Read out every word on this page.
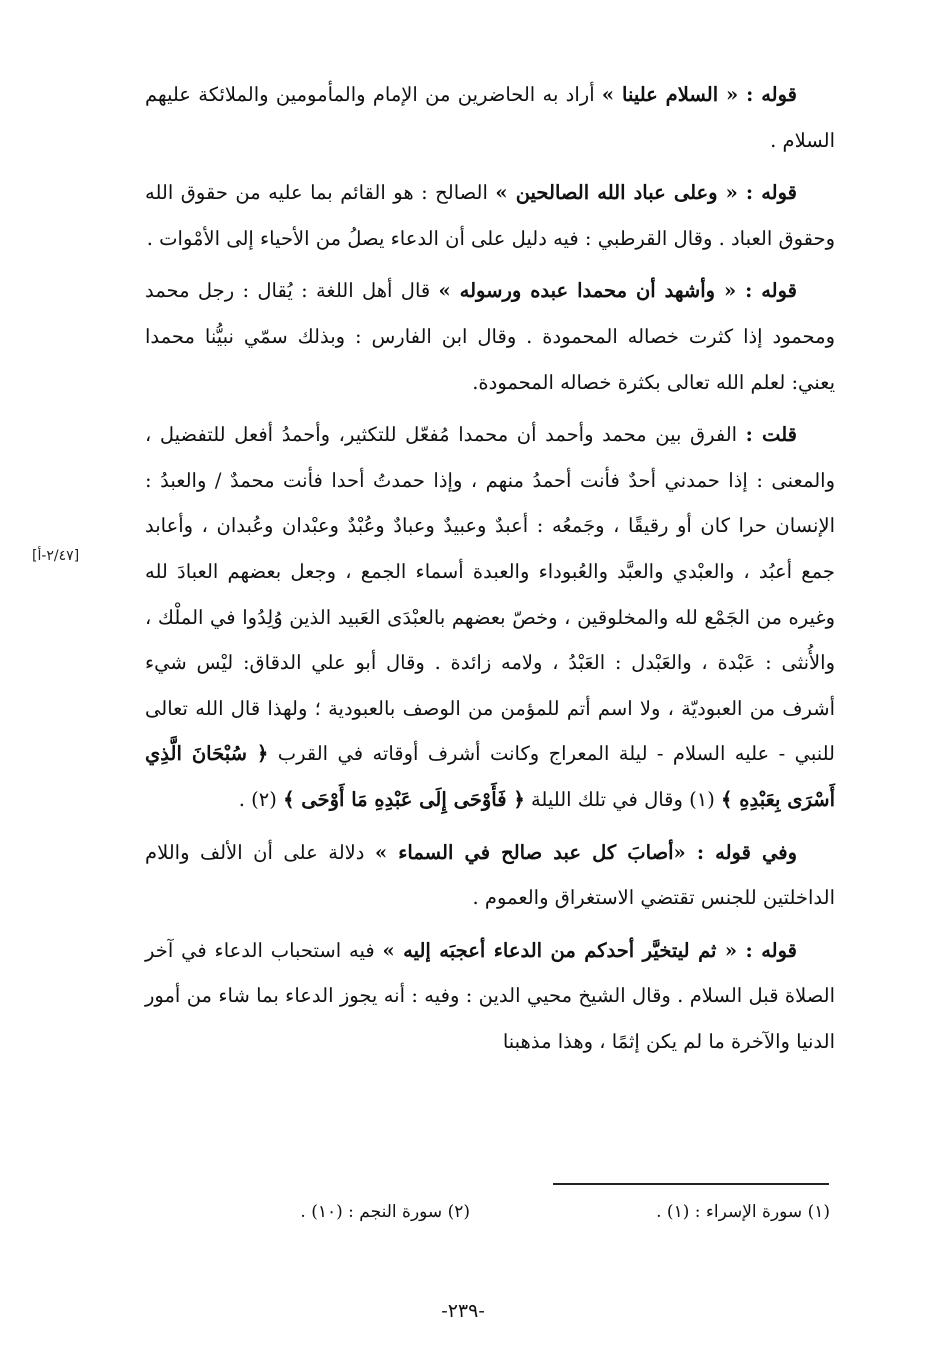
قوله : « السلام علينا » أراد به الحاضرين من الإمام والمأمومين والملائكة عليهم السلام .

قوله : « وعلى عباد الله الصالحين » الصالح : هو القائم بما عليه من حقوق الله وحقوق العباد . وقال القرطبي : فيه دليل على أن الدعاء يصلُ من الأحياء إلى الأمْوات .

قوله : « وأشهد أن محمدا عبده ورسوله » قال أهل اللغة : يُقال : رجل محمد ومحمود إذا كثرت خصاله المحمودة . وقال ابن الفارس : وبذلك سمّي نبيُّنا محمدا يعني: لعلم الله تعالى بكثرة خصاله المحمودة.

قلت : الفرق بين محمد وأحمد أن محمدا مُفعّل للتكثير، وأحمدُ أفعل للتفضيل ، والمعنى : إذا حمدني أحدٌ فأنت أحمدُ منهم ، وإذا حمدتُ أحدا فأنت محمدٌ / والعبدُ : الإنسان حرا كان أو رقيقًا ، وجَمعُه : أعبدٌ وعبيدٌ وعبادٌ وعُبْدٌ وعبْدان وعُبدان ، وأعابد جمع أعبُد ، والعبْدي والعبَّد والعُبوداء والعبدة أسماء الجمع ، وجعل بعضهم العبادَ لله وغيره من الجَمْع لله والمخلوقين ، وخصّ بعضهم بالعبْدَى العَبيد الذين وُلِدُوا في الملْك ، والأُنثى : عَبْدة ، والعَبْدل : العَبْدُ ، ولامه زائدة . وقال أبو علي الدقاق: ليْس شيء أشرف من العبوديّة ، ولا اسم أتم للمؤمن من الوصف بالعبودية ؛ ولهذا قال الله تعالى للنبي - عليه السلام - ليلة المعراج وكانت أشرف أوقاته في القرب ﴿ سُبْحَانَ الَّذِي أَسْرَى بِعَبْدِهِ ﴾ (١) وقال في تلك الليلة ﴿ فَأَوْحَى إِلَى عَبْدِهِ مَا أَوْحَى ﴾ (٢) .

وفي قوله : «أصابَ كل عبد صالح في السماء » دلالة على أن الألف واللام الداخلتين للجنس تقتضي الاستغراق والعموم .

قوله : « ثم ليتخيَّر أحدكم من الدعاء أعجبَه إليه » فيه استحباب الدعاء في آخر الصلاة قبل السلام . وقال الشيخ محيي الدين : وفيه : أنه يجوز الدعاء بما شاء من أمور الدنيا والآخرة ما لم يكن إثمًا ، وهذا مذهبنا

[٢/٤٧-أ]
(١) سورة الإسراء : (١) .
(٢) سورة النجم : (١٠) .
-٢٣٩-
